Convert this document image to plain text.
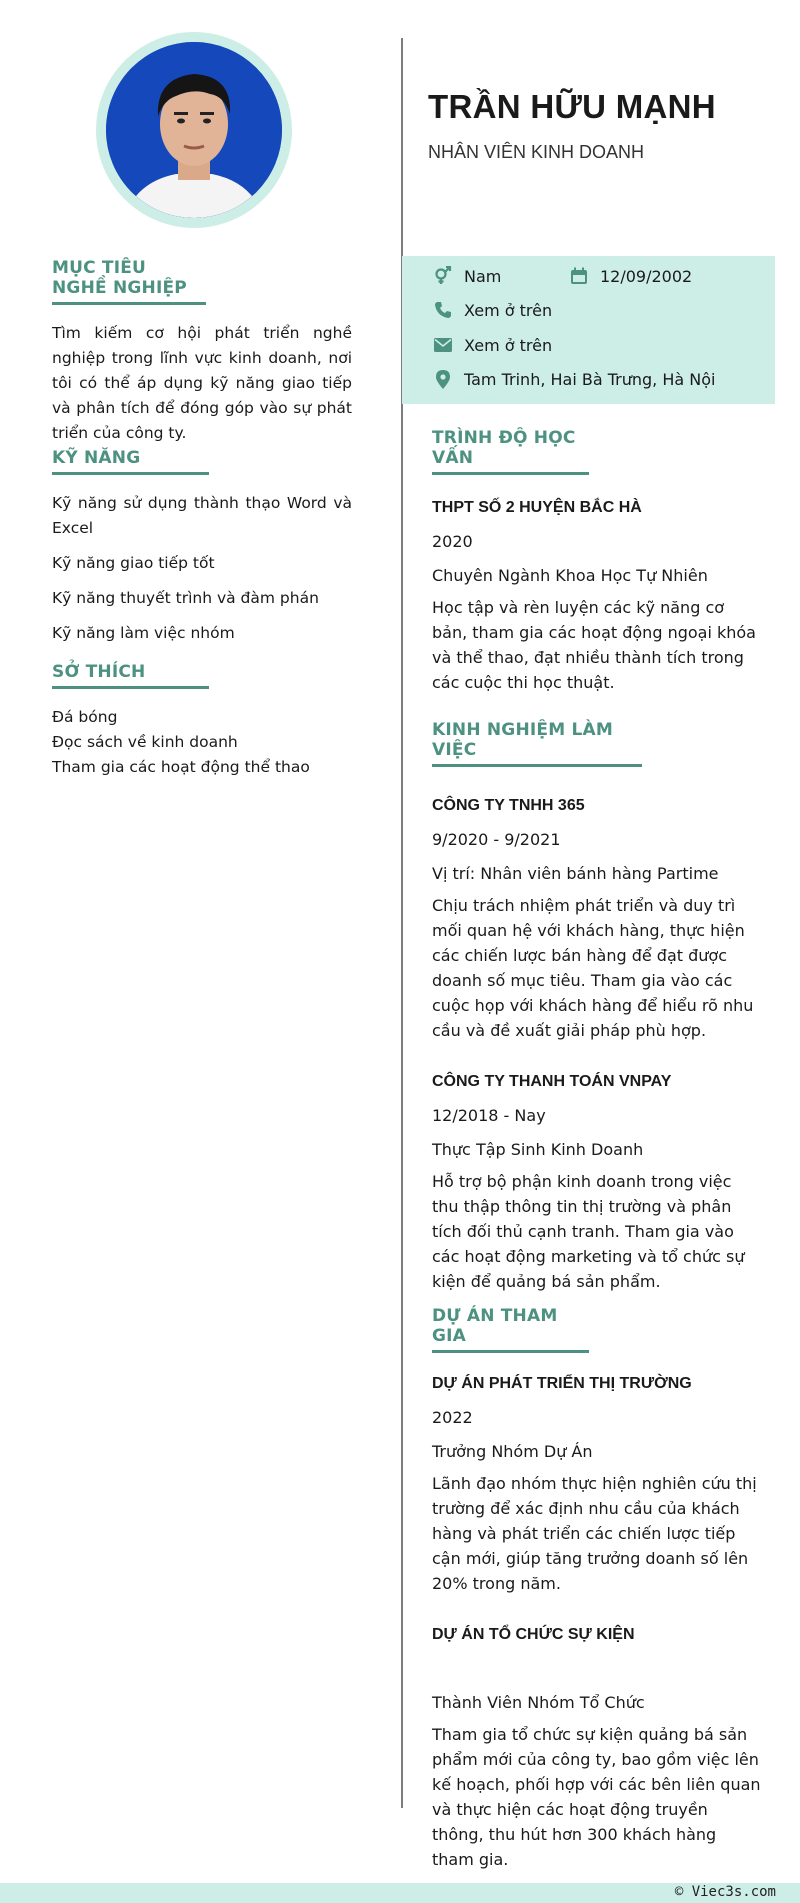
MỤC TIÊU NGHỀ NGHIỆP

Tìm kiếm cơ hội phát triển nghề nghiệp trong lĩnh vực kinh doanh, nơi tôi có thể áp dụng kỹ năng giao tiếp và phân tích để đóng góp vào sự phát triển của công ty.

KỸ NĂNG

Kỹ năng sử dụng thành thạo Word và Excel

Kỹ năng giao tiếp tốt

Kỹ năng thuyết trình và đàm phán

Kỹ năng làm việc nhóm

SỞ THÍCH

Đá bóng

Đọc sách về kinh doanh

Tham gia các hoạt động thể thao

TRẦN HỮU MẠNH

NHÂN VIÊN KINH DOANH

Nam	12/09/2002
Xem ở trên
Xem ở trên
Tam Trinh, Hai Bà Trưng, Hà Nội
TRÌNH ĐỘ HỌC VẤN

THPT SỐ 2 HUYỆN BẮC HÀ

2020

Chuyên Ngành Khoa Học Tự Nhiên

Học tập và rèn luyện các kỹ năng cơ bản, tham gia các hoạt động ngoại khóa và thể thao, đạt nhiều thành tích trong các cuộc thi học thuật.

KINH NGHIỆM LÀM VIỆC

CÔNG TY TNHH 365

9/2020 - 9/2021

Vị trí: Nhân viên bánh hàng Partime

Chịu trách nhiệm phát triển và duy trì mối quan hệ với khách hàng, thực hiện các chiến lược bán hàng để đạt được doanh số mục tiêu. Tham gia vào các cuộc họp với khách hàng để hiểu rõ nhu cầu và đề xuất giải pháp phù hợp.

CÔNG TY THANH TOÁN VNPAY

12/2018 - Nay

Thực Tập Sinh Kinh Doanh

Hỗ trợ bộ phận kinh doanh trong việc thu thập thông tin thị trường và phân tích đối thủ cạnh tranh. Tham gia vào các hoạt động marketing và tổ chức sự kiện để quảng bá sản phẩm.

DỰ ÁN THAM GIA

DỰ ÁN PHÁT TRIỂN THỊ TRƯỜNG

2022

Trưởng Nhóm Dự Án

Lãnh đạo nhóm thực hiện nghiên cứu thị trường để xác định nhu cầu của khách hàng và phát triển các chiến lược tiếp cận mới, giúp tăng trưởng doanh số lên 20% trong năm.

DỰ ÁN TỔ CHỨC SỰ KIỆN

Thành Viên Nhóm Tổ Chức

Tham gia tổ chức sự kiện quảng bá sản phẩm mới của công ty, bao gồm việc lên kế hoạch, phối hợp với các bên liên quan và thực hiện các hoạt động truyền thông, thu hút hơn 300 khách hàng tham gia.

© Viec3s.com
